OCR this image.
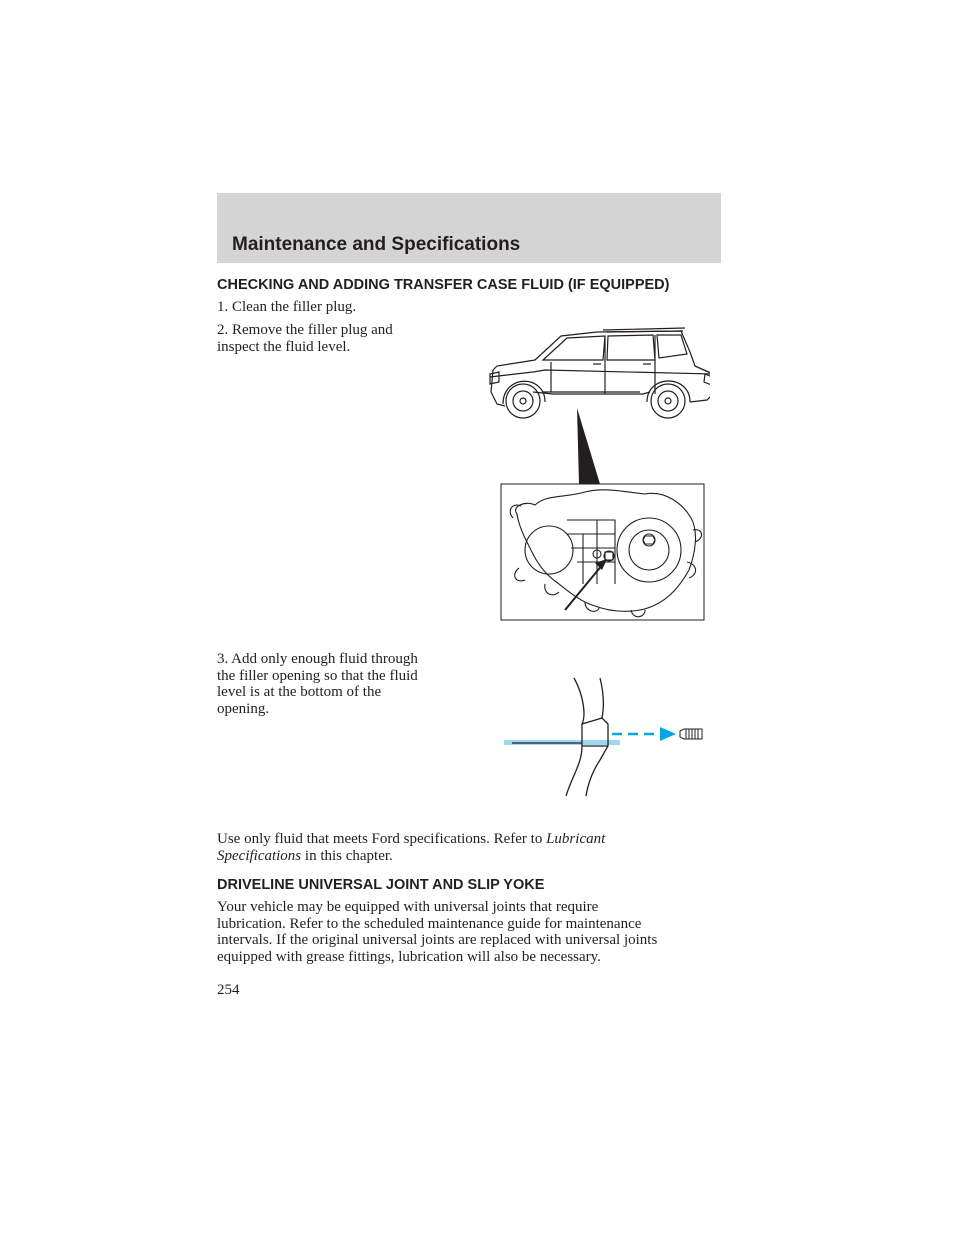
Maintenance and Specifications
CHECKING AND ADDING TRANSFER CASE FLUID (IF EQUIPPED)
1. Clean the filler plug.
2. Remove the filler plug and
inspect the fluid level.
3. Add only enough fluid through
the filler opening so that the fluid
level is at the bottom of the
opening.
Use only fluid that meets Ford specifications. Refer to Lubricant
Specifications in this chapter.
DRIVELINE UNIVERSAL JOINT AND SLIP YOKE
Your vehicle may be equipped with universal joints that require
lubrication. Refer to the scheduled maintenance guide for maintenance
intervals. If the original universal joints are replaced with universal joints
equipped with grease fittings, lubrication will also be necessary.
254
